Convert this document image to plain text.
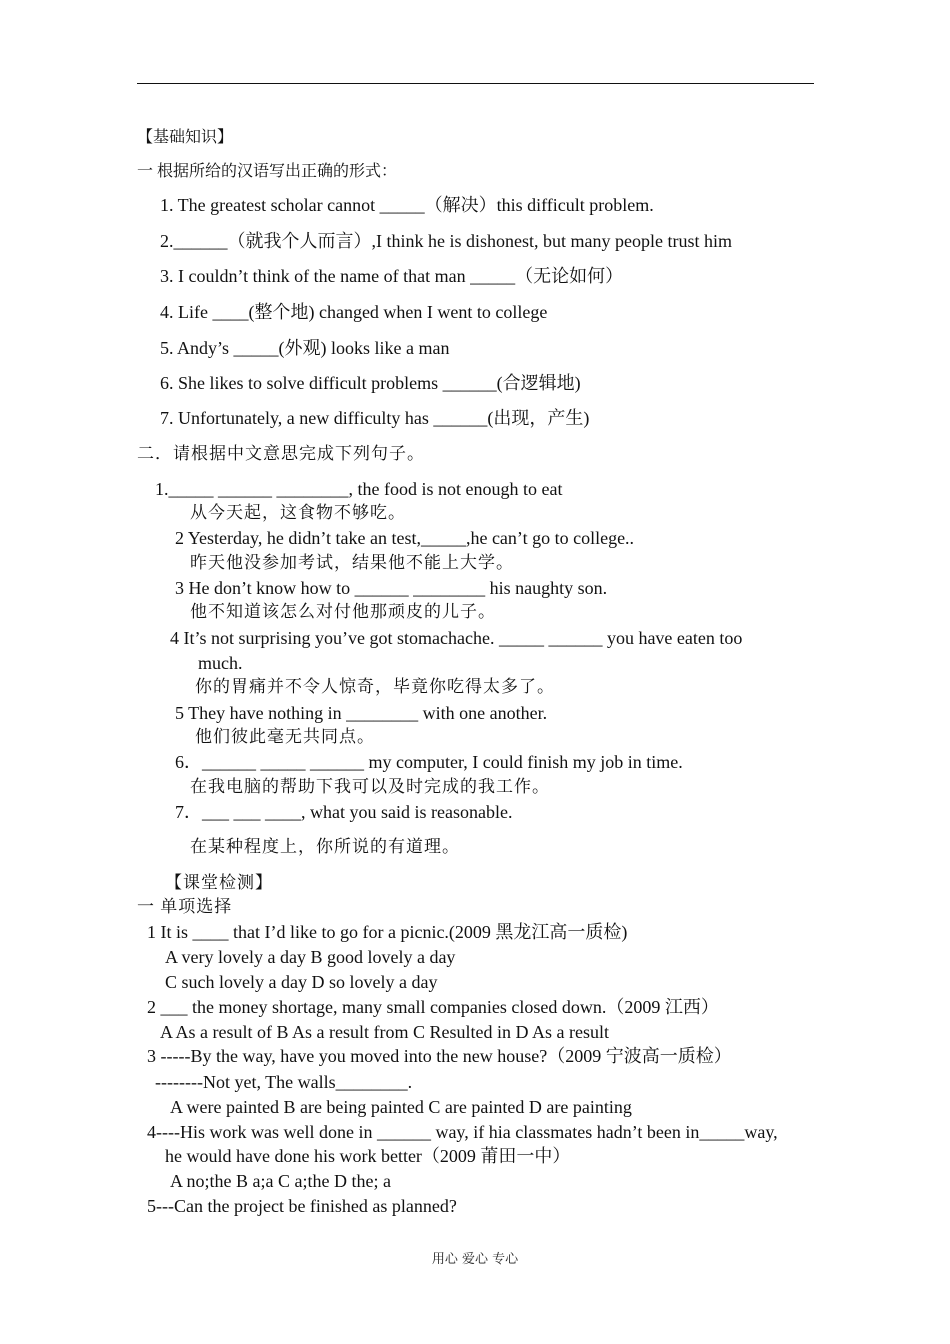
【基础知识】
一 根据所给的汉语写出正确的形式：
1. The greatest scholar cannot _____（解决）this difficult problem.
2.______（就我个人而言）,I think he is dishonest, but many people trust him
3. I couldn’t think of the name of that man _____（无论如何）
4. Life ____(整个地) changed when I went to college
5. Andy’s _____(外观) looks like a man
6. She likes to solve difficult problems ______(合逻辑地)
7. Unfortunately, a new difficulty has ______(出现，产生)
二．请根据中文意思完成下列句子。
1._____ ______ ________, the food is not enough to eat
从今天起，这食物不够吃。
2 Yesterday, he didn’t take an test,_____,he can’t go to college..
昨天他没参加考试，结果他不能上大学。
3 He don’t know how to ______ ________ his naughty son.
他不知道该怎么对付他那顽皮的儿子。
4 It’s not surprising you’ve got stomachache. _____ ______ you have eaten too
much.
你的胃痛并不令人惊奇，毕竟你吃得太多了。
5 They have nothing in ________ with one another.
他们彼此毫无共同点。
6．______ _____ ______ my computer, I could finish my job in time.
在我电脑的帮助下我可以及时完成的我工作。
7．___ ___ ____, what you said is reasonable.
在某种程度上，你所说的有道理。
【课堂检测】
一 单项选择
1 It is ____ that I’d like to go for a picnic.(2009 黑龙江高一质检)
A very lovely a day B good lovely a day
C such lovely a day D so lovely a day
2 ___ the money shortage, many small companies closed down.（2009 江西）
A As a result of B As a result from C Resulted in D As a result
3 -----By the way, have you moved into the new house?（2009 宁波高一质检）
--------Not yet, The walls________.
A were painted B are being painted C are painted D are painting
4----His work was well done in ______ way, if hia classmates hadn’t been in_____way,
he would have done his work better（2009 莆田一中）
A no;the B a;a C a;the D the; a
5---Can the project be finished as planned?
用心 爱心 专心
